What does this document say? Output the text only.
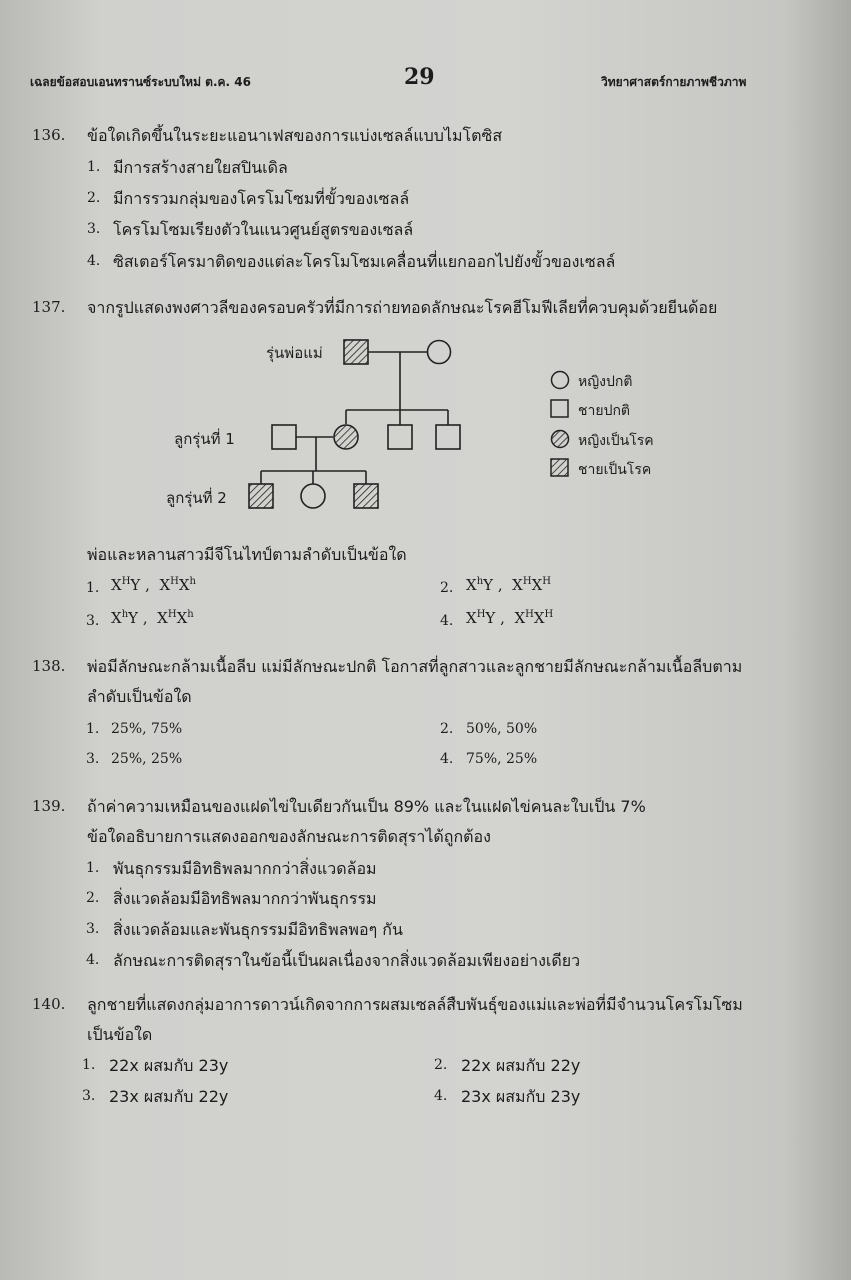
เฉลยข้อสอบเอนทรานซ์ระบบใหม่ ต.ค. 46	29	วิทยาศาสตร์กายภาพชีวภาพ
136. ข้อใดเกิดขึ้นในระยะแอนาเฟสของการแบ่งเซลล์แบบไมโตซิส
1. มีการสร้างสายใยสปินเดิล
2. มีการรวมกลุ่มของโครโมโซมที่ขั้วของเซลล์
3. โครโมโซมเรียงตัวในแนวศูนย์สูตรของเซลล์
4. ซิสเตอร์โครมาติดของแต่ละโครโมโซมเคลื่อนที่แยกออกไปยังขั้วของเซลล์
137. จากรูปแสดงพงศาวลีของครอบครัวที่มีการถ่ายทอดลักษณะโรคฮีโมฟีเลียที่ควบคุมด้วยยีนด้อย
รุ่นพ่อแม่
ลูกรุ่นที่ 1
ลูกรุ่นที่ 2
หญิงปกติ
ชายปกติ
หญิงเป็นโรค
ชายเป็นโรค
พ่อและหลานสาวมีจีโนไทป์ตามลำดับเป็นข้อใด
1. $X^HY$ , $X^HX^h$	2. $X^hY$ , $X^HX^H$
3. $X^hY$ , $X^HX^h$	4. $X^HY$ , $X^HX^H$
138. พ่อมีลักษณะกล้ามเนื้อลีบ แม่มีลักษณะปกติ โอกาสที่ลูกสาวและลูกชายมีลักษณะกล้ามเนื้อลีบตาม
ลำดับเป็นข้อใด
1. 25%, 75%	2. 50%, 50%
3. 25%, 25%	4. 75%, 25%
139. ถ้าค่าความเหมือนของแฝดไข่ใบเดียวกันเป็น 89% และในแฝดไข่คนละใบเป็น 7%
ข้อใดอธิบายการแสดงออกของลักษณะการติดสุราได้ถูกต้อง
1. พันธุกรรมมีอิทธิพลมากกว่าสิ่งแวดล้อม
2. สิ่งแวดล้อมมีอิทธิพลมากกว่าพันธุกรรม
3. สิ่งแวดล้อมและพันธุกรรมมีอิทธิพลพอๆ กัน
4. ลักษณะการติดสุราในข้อนี้เป็นผลเนื่องจากสิ่งแวดล้อมเพียงอย่างเดียว
140. ลูกชายที่แสดงกลุ่มอาการดาวน์เกิดจากการผสมเซลล์สืบพันธุ์ของแม่และพ่อที่มีจำนวนโครโมโซม
เป็นข้อใด
1. 22x ผสมกับ 23y	2. 22x ผสมกับ 22y
3. 23x ผสมกับ 22y	4. 23x ผสมกับ 23y
